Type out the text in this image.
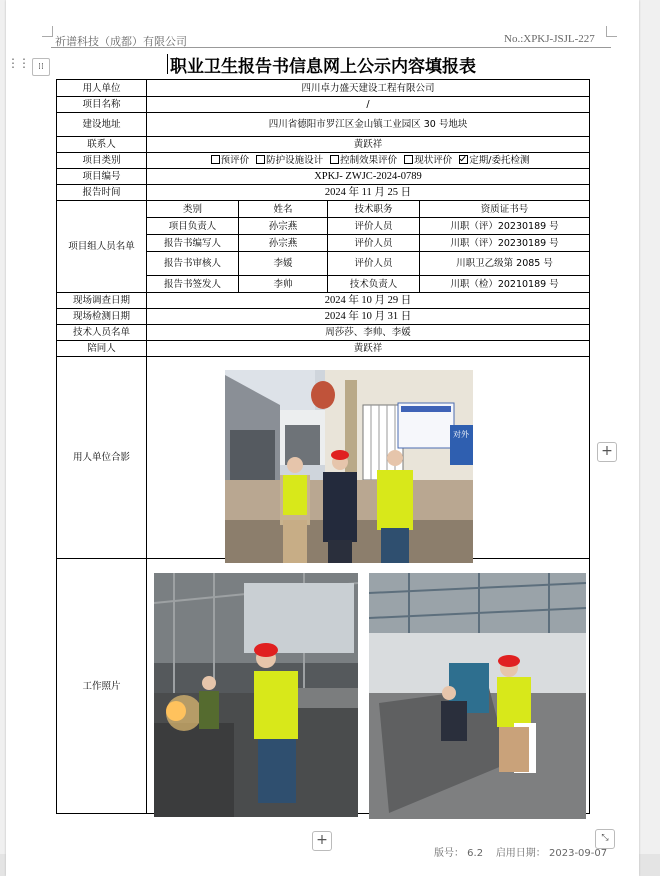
祈谱科技（成都）有限公司	No.:XPKJ-JSJL-227
⋮⋮	⁞⁞	职业卫生报告书信息网上公示内容填报表
用人单位	四川卓力盛天建设工程有限公司			
项目名称	/			
建设地址	四川省德阳市罗江区金山镇工业园区 30 号地块			
联系人	黄跃祥			
项目类别	预评价 防护设施设计 控制效果评价 现状评价 定期/委托检测			
项目编号	XPKJ- ZWJC-2024-0789			
报告时间	2024 年 11 月 25 日			
项目组人员名单	类别	姓名	技术职务	资质证书号
	项目负责人	孙宗燕	评价人员	川职（评）20230189 号
	报告书编写人	孙宗燕	评价人员	川职（评）20230189 号
	报告书审核人	李媛	评价人员	川职卫乙级第 2085 号
	报告书签发人	李帅	技术负责人	川职（检）20210189 号
现场调查日期	2024 年 10 月 29 日			
现场检测日期	2024 年 10 月 31 日			
技术人员名单	周莎莎、李帅、李媛			
陪同人	黄跃祥			
用人单位合影				
工作照片				
对外
+
+	⤡
版号： 6.2 启用日期： 2023-09-07
